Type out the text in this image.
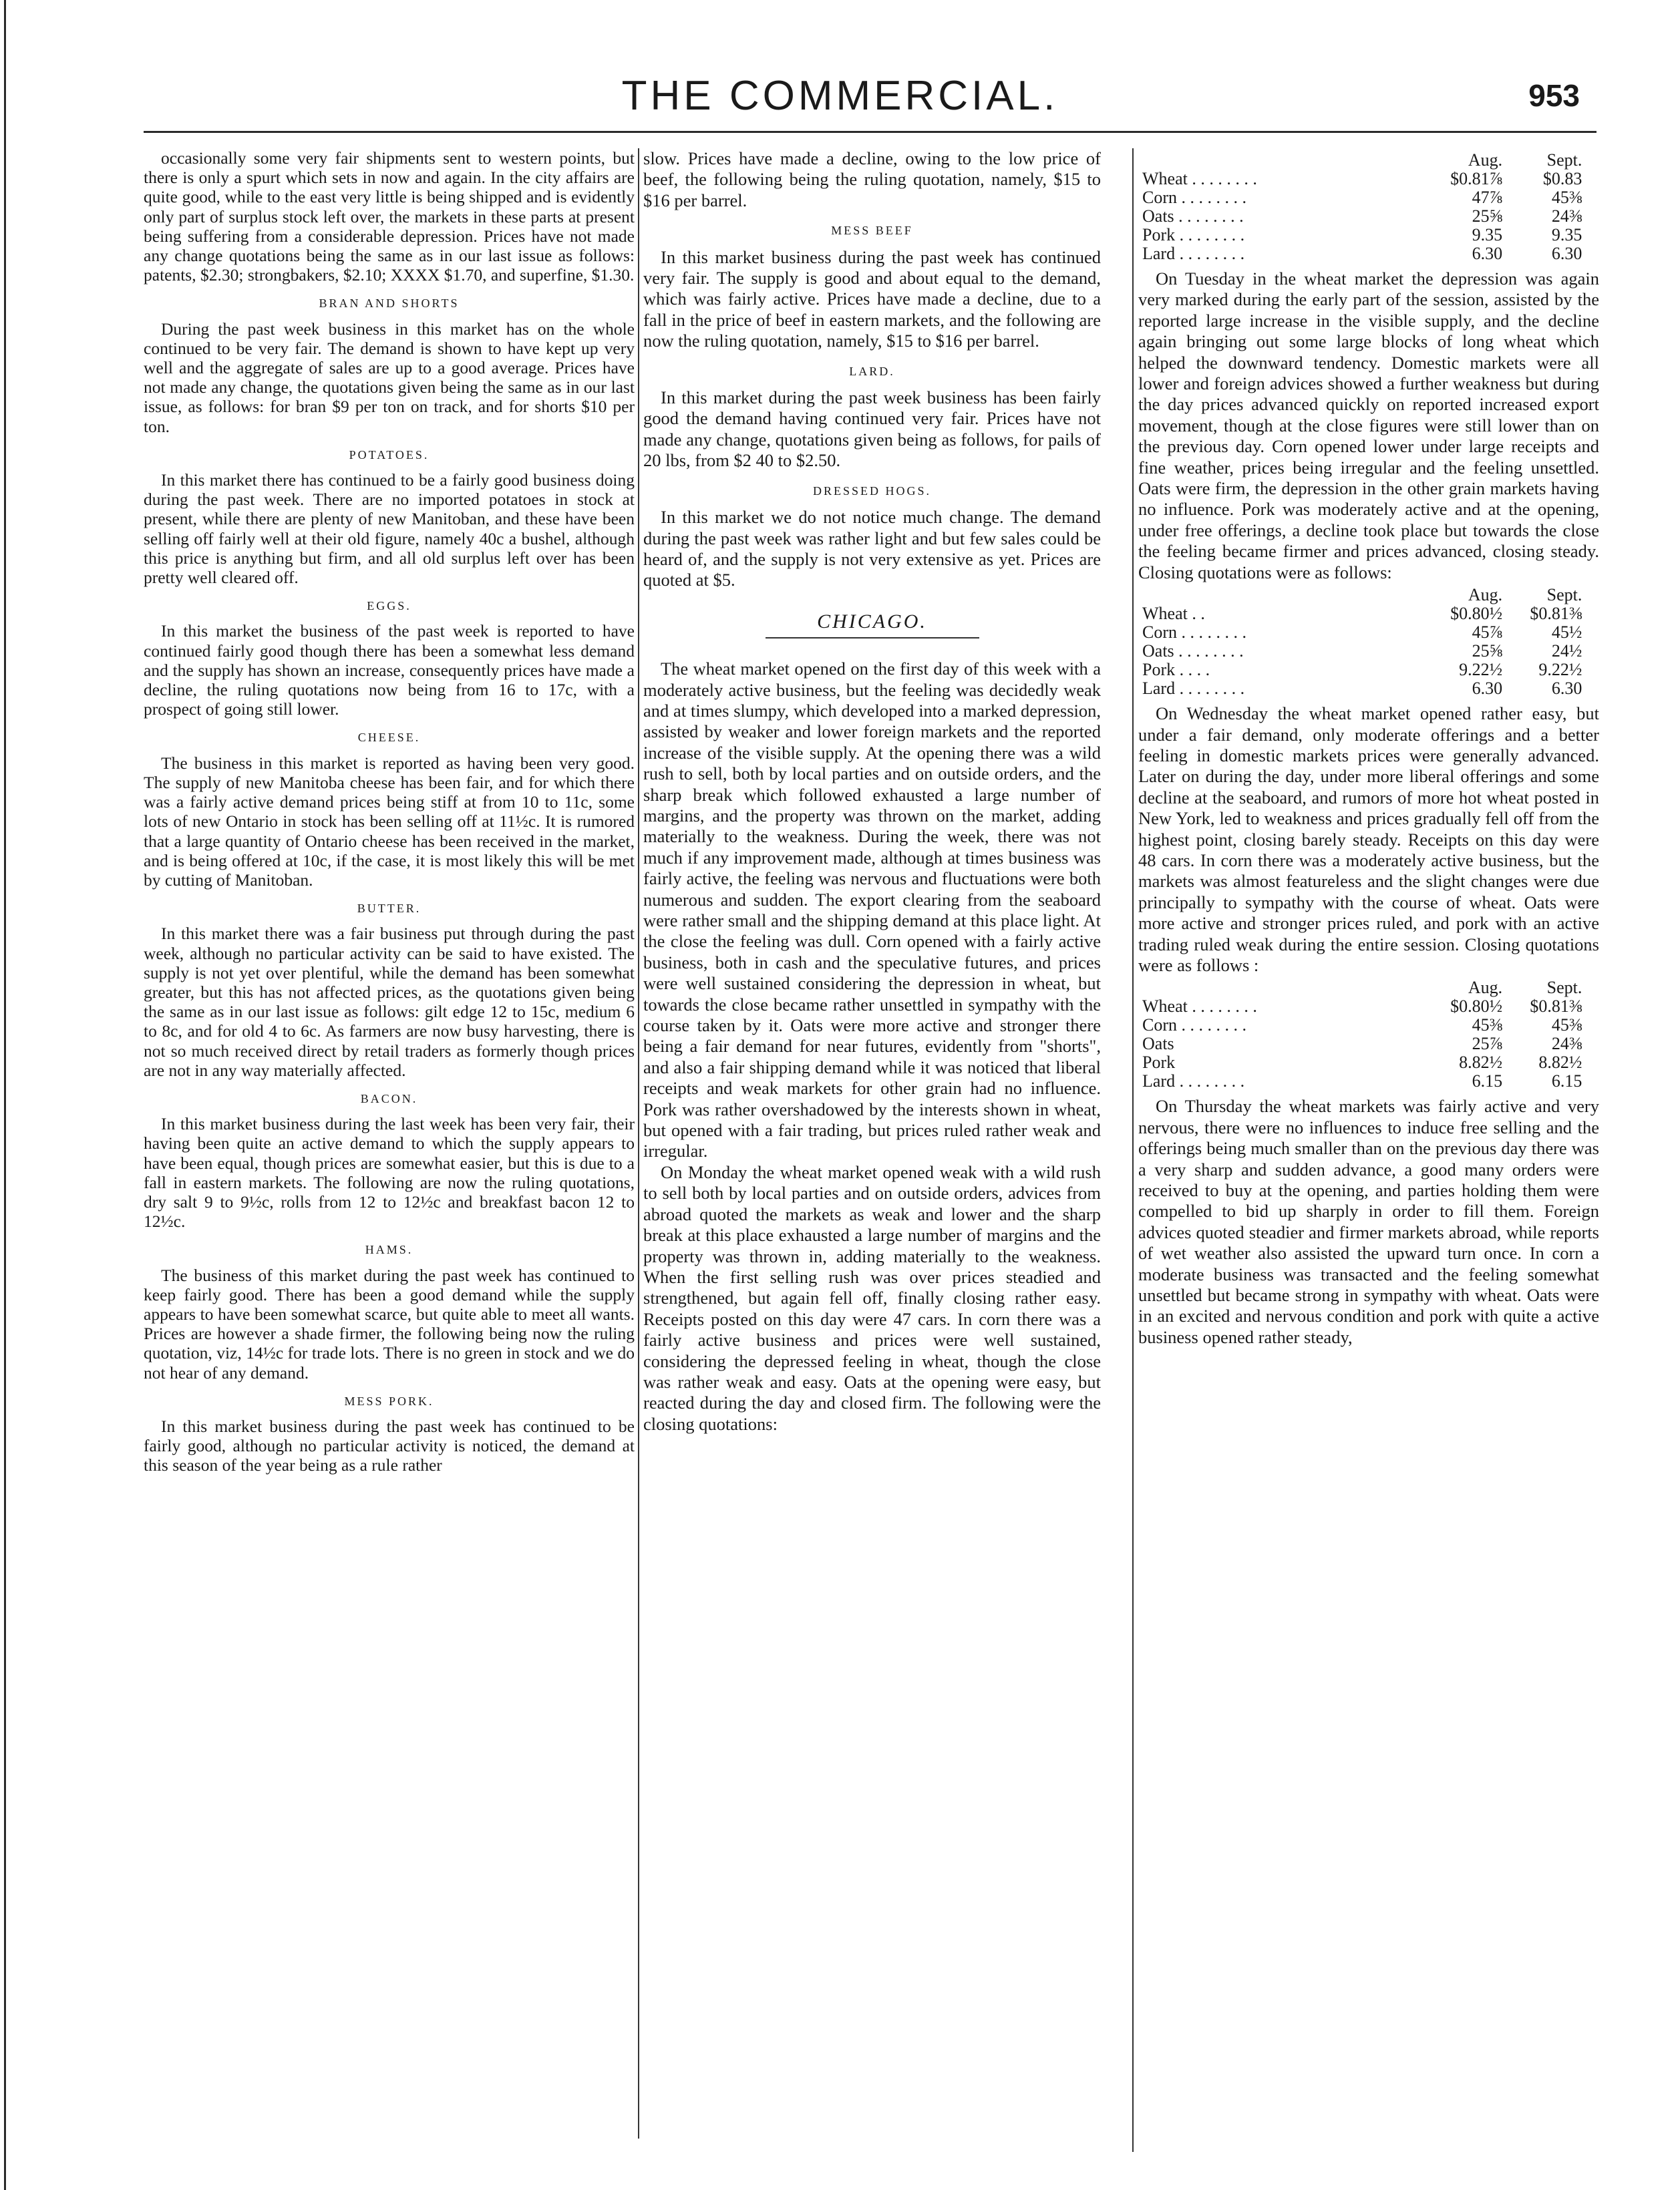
THE COMMERCIAL.	953

occasionally some very fair shipments sent to western points, but there is only a spurt which sets in now and again. In the city affairs are quite good, while to the east very little is being shipped and is evidently only part of surplus stock left over, the markets in these parts at present being suffering from a considerable depression. Prices have not made any change quotations being the same as in our last issue as follows: patents, $2.30; strongbakers, $2.10; XXXX $1.70, and superfine, $1.30.

BRAN AND SHORTS

During the past week business in this market has on the whole continued to be very fair. The demand is shown to have kept up very well and the aggregate of sales are up to a good average. Prices have not made any change, the quotations given being the same as in our last issue, as follows: for bran $9 per ton on track, and for shorts $10 per ton.

POTATOES.

In this market there has continued to be a fairly good business doing during the past week. There are no imported potatoes in stock at present, while there are plenty of new Manitoban, and these have been selling off fairly well at their old figure, namely 40c a bushel, although this price is anything but firm, and all old surplus left over has been pretty well cleared off.

EGGS.

In this market the business of the past week is reported to have continued fairly good though there has been a somewhat less demand and the supply has shown an increase, consequently prices have made a decline, the ruling quotations now being from 16 to 17c, with a prospect of going still lower.

CHEESE.

The business in this market is reported as having been very good. The supply of new Manitoba cheese has been fair, and for which there was a fairly active demand prices being stiff at from 10 to 11c, some lots of new Ontario in stock has been selling off at 11½c. It is rumored that a large quantity of Ontario cheese has been received in the market, and is being offered at 10c, if the case, it is most likely this will be met by cutting of Manitoban.

BUTTER.

In this market there was a fair business put through during the past week, although no particular activity can be said to have existed. The supply is not yet over plentiful, while the demand has been somewhat greater, but this has not affected prices, as the quotations given being the same as in our last issue as follows: gilt edge 12 to 15c, medium 6 to 8c, and for old 4 to 6c. As farmers are now busy harvesting, there is not so much received direct by retail traders as formerly though prices are not in any way materially affected.

BACON.

In this market business during the last week has been very fair, their having been quite an active demand to which the supply appears to have been equal, though prices are somewhat easier, but this is due to a fall in eastern markets. The following are now the ruling quotations, dry salt 9 to 9½c, rolls from 12 to 12½c and breakfast bacon 12 to 12½c.

HAMS.

The business of this market during the past week has continued to keep fairly good. There has been a good demand while the supply appears to have been somewhat scarce, but quite able to meet all wants. Prices are however a shade firmer, the following being now the ruling quotation, viz, 14½c for trade lots. There is no green in stock and we do not hear of any demand.

MESS PORK.

In this market business during the past week has continued to be fairly good, although no particular activity is noticed, the demand at this season of the year being as a rule rather

slow. Prices have made a decline, owing to the low price of beef, the following being the ruling quotation, namely, $15 to $16 per barrel.

MESS BEEF

In this market business during the past week has continued very fair. The supply is good and about equal to the demand, which was fairly active. Prices have made a decline, due to a fall in the price of beef in eastern markets, and the following are now the ruling quotation, namely, $15 to $16 per barrel.

LARD.

In this market during the past week business has been fairly good the demand having continued very fair. Prices have not made any change, quotations given being as follows, for pails of 20 lbs, from $2 40 to $2.50.

DRESSED HOGS.

In this market we do not notice much change. The demand during the past week was rather light and but few sales could be heard of, and the supply is not very extensive as yet. Prices are quoted at $5.

CHICAGO.

The wheat market opened on the first day of this week with a moderately active business, but the feeling was decidedly weak and at times slumpy, which developed into a marked depression, assisted by weaker and lower foreign markets and the reported increase of the visible supply. At the opening there was a wild rush to sell, both by local parties and on outside orders, and the sharp break which followed exhausted a large number of margins, and the property was thrown on the market, adding materially to the weakness. During the week, there was not much if any improvement made, although at times business was fairly active, the feeling was nervous and fluctuations were both numerous and sudden. The export clearing from the seaboard were rather small and the shipping demand at this place light. At the close the feeling was dull. Corn opened with a fairly active business, both in cash and the speculative futures, and prices were well sustained considering the depression in wheat, but towards the close became rather unsettled in sympathy with the course taken by it. Oats were more active and stronger there being a fair demand for near futures, evidently from "shorts", and also a fair shipping demand while it was noticed that liberal receipts and weak markets for other grain had no influence. Pork was rather overshadowed by the interests shown in wheat, but opened with a fair trading, but prices ruled rather weak and irregular.

On Monday the wheat market opened weak with a wild rush to sell both by local parties and on outside orders, advices from abroad quoted the markets as weak and lower and the sharp break at this place exhausted a large number of margins and the property was thrown in, adding materially to the weakness. When the first selling rush was over prices steadied and strengthened, but again fell off, finally closing rather easy. Receipts posted on this day were 47 cars. In corn there was a fairly active business and prices were well sustained, considering the depressed feeling in wheat, though the close was rather weak and easy. Oats at the opening were easy, but reacted during the day and closed firm. The following were the closing quotations:

	Aug.	Sept.
Wheat . . . . . . . .	$0.81⅞	$0.83
Corn . . . . . . . .	47⅞	45⅜
Oats . . . . . . . .	25⅝	24⅜
Pork . . . . . . . .	9.35	9.35
Lard . . . . . . . .	6.30	6.30

On Tuesday in the wheat market the depression was again very marked during the early part of the session, assisted by the reported large increase in the visible supply, and the decline again bringing out some large blocks of long wheat which helped the downward tendency. Domestic markets were all lower and foreign advices showed a further weakness but during the day prices advanced quickly on reported increased export movement, though at the close figures were still lower than on the previous day. Corn opened lower under large receipts and fine weather, prices being irregular and the feeling unsettled. Oats were firm, the depression in the other grain markets having no influence. Pork was moderately active and at the opening, under free offerings, a decline took place but towards the close the feeling became firmer and prices advanced, closing steady. Closing quotations were as follows:

	Aug.	Sept.
Wheat . .	$0.80½	$0.81⅜
Corn . . . . . . . .	45⅞	45½
Oats . . . . . . . .	25⅝	24½
Pork . . . .	9.22½	9.22½
Lard . . . . . . . .	6.30	6.30

On Wednesday the wheat market opened rather easy, but under a fair demand, only moderate offerings and a better feeling in domestic markets prices were generally advanced. Later on during the day, under more liberal offerings and some decline at the seaboard, and rumors of more hot wheat posted in New York, led to weakness and prices gradually fell off from the highest point, closing barely steady. Receipts on this day were 48 cars. In corn there was a moderately active business, but the markets was almost featureless and the slight changes were due principally to sympathy with the course of wheat. Oats were more active and stronger prices ruled, and pork with an active trading ruled weak during the entire session. Closing quotations were as follows :

	Aug.	Sept.
Wheat . . . . . . . .	$0.80½	$0.81⅜
Corn . . . . . . . .	45⅜	45⅜
Oats	25⅞	24⅜
Pork	8.82½	8.82½
Lard . . . . . . . .	6.15	6.15

On Thursday the wheat markets was fairly active and very nervous, there were no influences to induce free selling and the offerings being much smaller than on the previous day there was a very sharp and sudden advance, a good many orders were received to buy at the opening, and parties holding them were compelled to bid up sharply in order to fill them. Foreign advices quoted steadier and firmer markets abroad, while reports of wet weather also assisted the upward turn once. In corn a moderate business was transacted and the feeling somewhat unsettled but became strong in sympathy with wheat. Oats were in an excited and nervous condition and pork with quite a active business opened rather steady,
